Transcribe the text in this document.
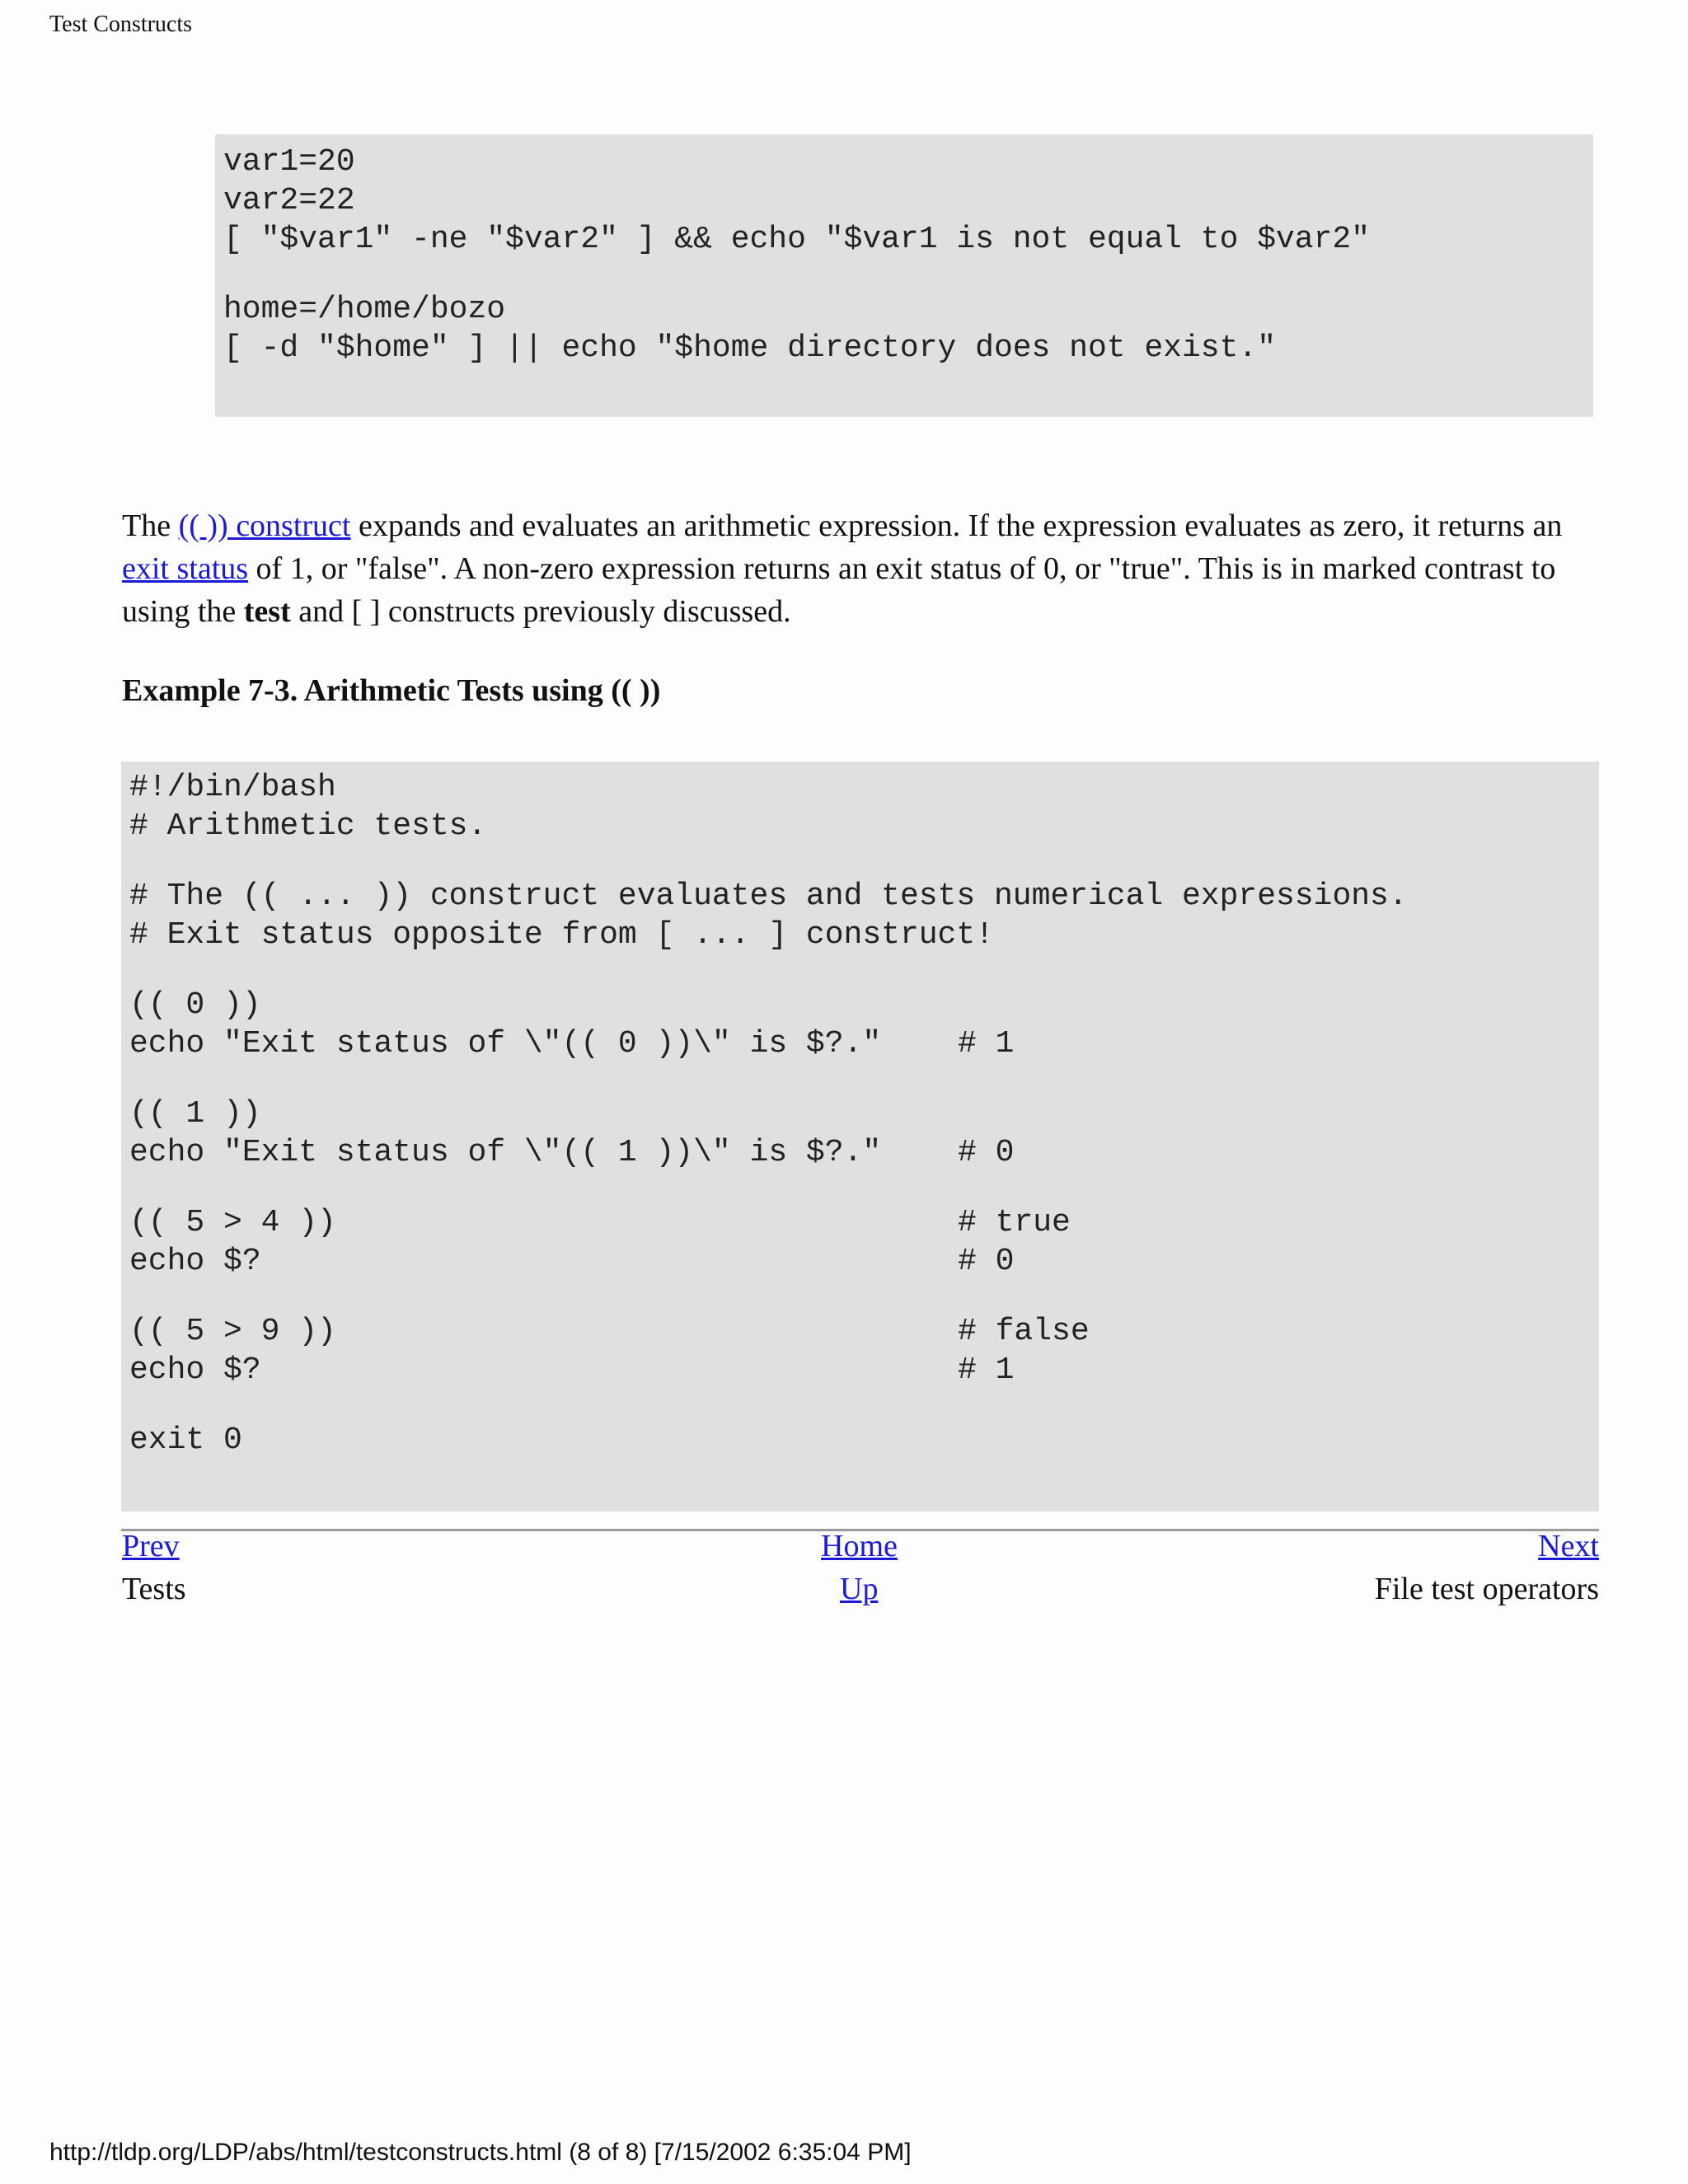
Test Constructs
var1=20
var2=22
[ "$var1" -ne "$var2" ] && echo "$var1 is not equal to $var2"
home=/home/bozo
[ -d "$home" ] || echo "$home directory does not exist."
The (( )) construct expands and evaluates an arithmetic expression. If the expression evaluates as zero, it returns an exit status of 1, or "false". A non-zero expression returns an exit status of 0, or "true". This is in marked contrast to using the test and [ ] constructs previously discussed.
Example 7-3. Arithmetic Tests using (( ))
#!/bin/bash
# Arithmetic tests.
# The (( ... )) construct evaluates and tests numerical expressions.
# Exit status opposite from [ ... ] construct!
(( 0 ))
echo "Exit status of \"(( 0 ))\" is $?." # 1
(( 1 ))
echo "Exit status of \"(( 1 ))\" is $?." # 0
(( 5 > 4 ))	# true
echo $?	# 0
(( 5 > 9 ))	# false
echo $?	# 1
exit 0
Prev
Tests
Home
Up
Next
File test operators
http://tldp.org/LDP/abs/html/testconstructs.html (8 of 8) [7/15/2002 6:35:04 PM]
